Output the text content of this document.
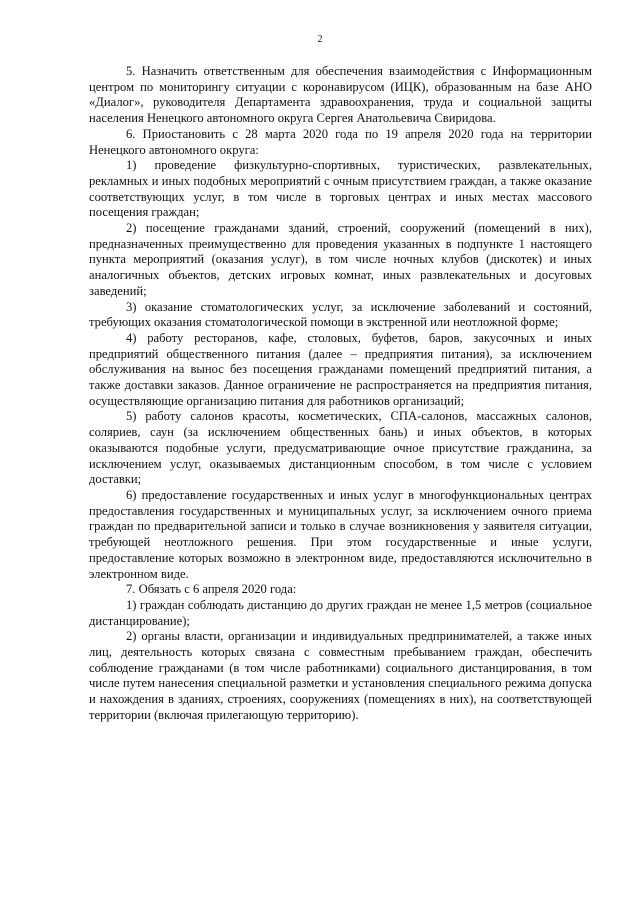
2

5. Назначить ответственным для обеспечения взаимодействия с Информационным центром по мониторингу ситуации с коронавирусом (ИЦК), образованным на базе АНО «Диалог», руководителя Департамента здравоохранения, труда и социальной защиты населения Ненецкого автономного округа Сергея Анатольевича Свиридова.

6. Приостановить с 28 марта 2020 года по 19 апреля 2020 года на территории Ненецкого автономного округа:

1) проведение физкультурно-спортивных, туристических, развлекательных, рекламных и иных подобных мероприятий с очным присутствием граждан, а также оказание соответствующих услуг, в том числе в торговых центрах и иных местах массового посещения граждан;

2) посещение гражданами зданий, строений, сооружений (помещений в них), предназначенных преимущественно для проведения указанных в подпункте 1 настоящего пункта мероприятий (оказания услуг), в том числе ночных клубов (дискотек) и иных аналогичных объектов, детских игровых комнат, иных развлекательных и досуговых заведений;

3) оказание стоматологических услуг, за исключение заболеваний и состояний, требующих оказания стоматологической помощи в экстренной или неотложной форме;

4) работу ресторанов, кафе, столовых, буфетов, баров, закусочных и иных предприятий общественного питания (далее – предприятия питания), за исключением обслуживания на вынос без посещения гражданами помещений предприятий питания, а также доставки заказов. Данное ограничение не распространяется на предприятия питания, осуществляющие организацию питания для работников организаций;

5) работу салонов красоты, косметических, СПА-салонов, массажных салонов, соляриев, саун (за исключением общественных бань) и иных объектов, в которых оказываются подобные услуги, предусматривающие очное присутствие гражданина, за исключением услуг, оказываемых дистанционным способом, в том числе с условием доставки;

6) предоставление государственных и иных услуг в многофункциональных центрах предоставления государственных и муниципальных услуг, за исключением очного приема граждан по предварительной записи и только в случае возникновения у заявителя ситуации, требующей неотложного решения. При этом государственные и иные услуги, предоставление которых возможно в электронном виде, предоставляются исключительно в электронном виде.

7. Обязать с 6 апреля 2020 года:

1) граждан соблюдать дистанцию до других граждан не менее 1,5 метров (социальное дистанцирование);

2) органы власти, организации и индивидуальных предпринимателей, а также иных лиц, деятельность которых связана с совместным пребыванием граждан, обеспечить соблюдение гражданами (в том числе работниками) социального дистанцирования, в том числе путем нанесения специальной разметки и установления специального режима допуска и нахождения в зданиях, строениях, сооружениях (помещениях в них), на соответствующей территории (включая прилегающую территорию).
